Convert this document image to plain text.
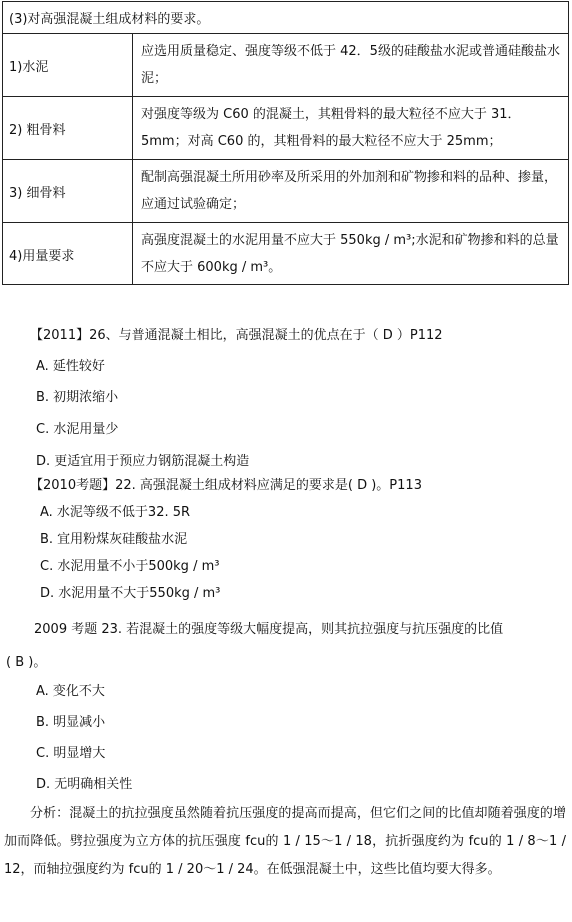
(3)对高强混凝土组成材料的要求。
1)水泥
应选用质量稳定、强度等级不低于 42．5级的硅酸盐水泥或普通硅酸盐水泥；
2) 粗骨料
对强度等级为 C60 的混凝土，其粗骨料的最大粒径不应大于 31． 5mm；对高 C60 的，其粗骨料的最大粒径不应大于 25mm；
3) 细骨料
配制高强混凝土所用砂率及所采用的外加剂和矿物掺和料的品种、掺量，应通过试验确定；
4)用量要求
高强度混凝土的水泥用量不应大于 550kg / m³;水泥和矿物掺和料的总量不应大于 600kg / m³。
【2011】26、与普通混凝土相比，高强混凝土的优点在于（ D ）P112
A. 延性较好
B. 初期浓缩小
C. 水泥用量少
D. 更适宜用于预应力钢筋混凝土构造
【2010考题】22. 高强混凝土组成材料应满足的要求是( D )。P113
A. 水泥等级不低于32. 5R
B. 宜用粉煤灰硅酸盐水泥
C. 水泥用量不小于500kg / m³
D. 水泥用量不大于550kg / m³
2009 考题 23. 若混凝土的强度等级大幅度提高，则其抗拉强度与抗压强度的比值
( B )。
A. 变化不大
B. 明显减小
C. 明显增大
D. 无明确相关性
分析：混凝土的抗拉强度虽然随着抗压强度的提高而提高，但它们之间的比值却随着强度的增加而降低。劈拉强度为立方体的抗压强度 fcu的 1 / 15～1 / 18，抗折强度约为 fcu的 1 / 8～1 / 12，而轴拉强度约为 fcu的 1 / 20～1 / 24。在低强混凝土中，这些比值均要大得多。
